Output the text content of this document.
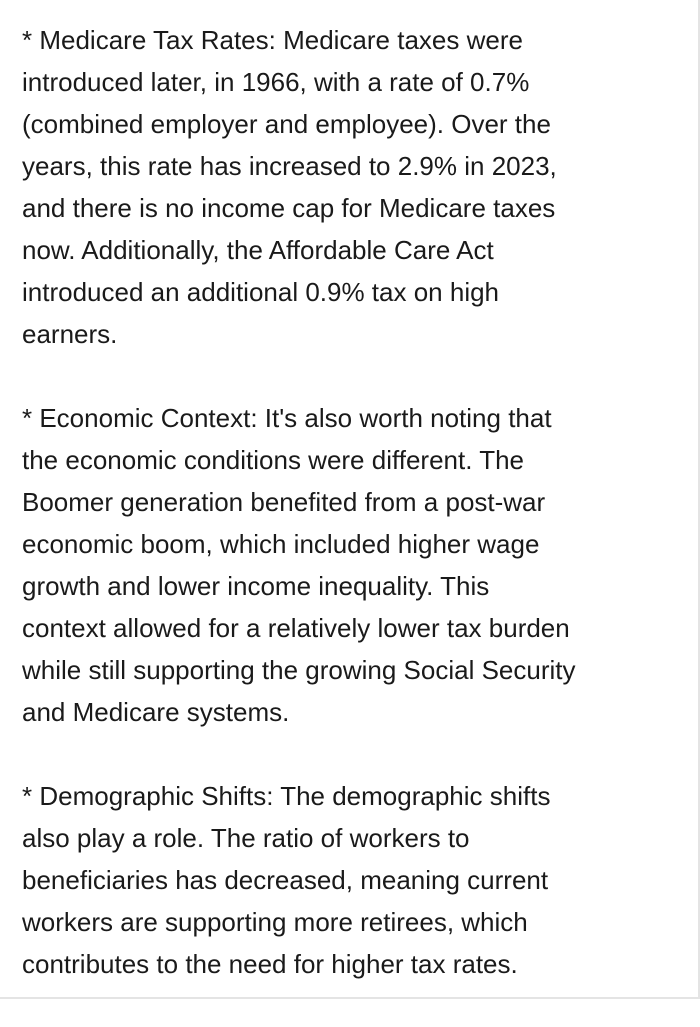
* Medicare Tax Rates: Medicare taxes were
introduced later, in 1966, with a rate of 0.7%
(combined employer and employee). Over the
years, this rate has increased to 2.9% in 2023,
and there is no income cap for Medicare taxes
now. Additionally, the Affordable Care Act
introduced an additional 0.9% tax on high
earners.
* Economic Context: It's also worth noting that
the economic conditions were different. The
Boomer generation benefited from a post-war
economic boom, which included higher wage
growth and lower income inequality. This
context allowed for a relatively lower tax burden
while still supporting the growing Social Security
and Medicare systems.
* Demographic Shifts: The demographic shifts
also play a role. The ratio of workers to
beneficiaries has decreased, meaning current
workers are supporting more retirees, which
contributes to the need for higher tax rates.
